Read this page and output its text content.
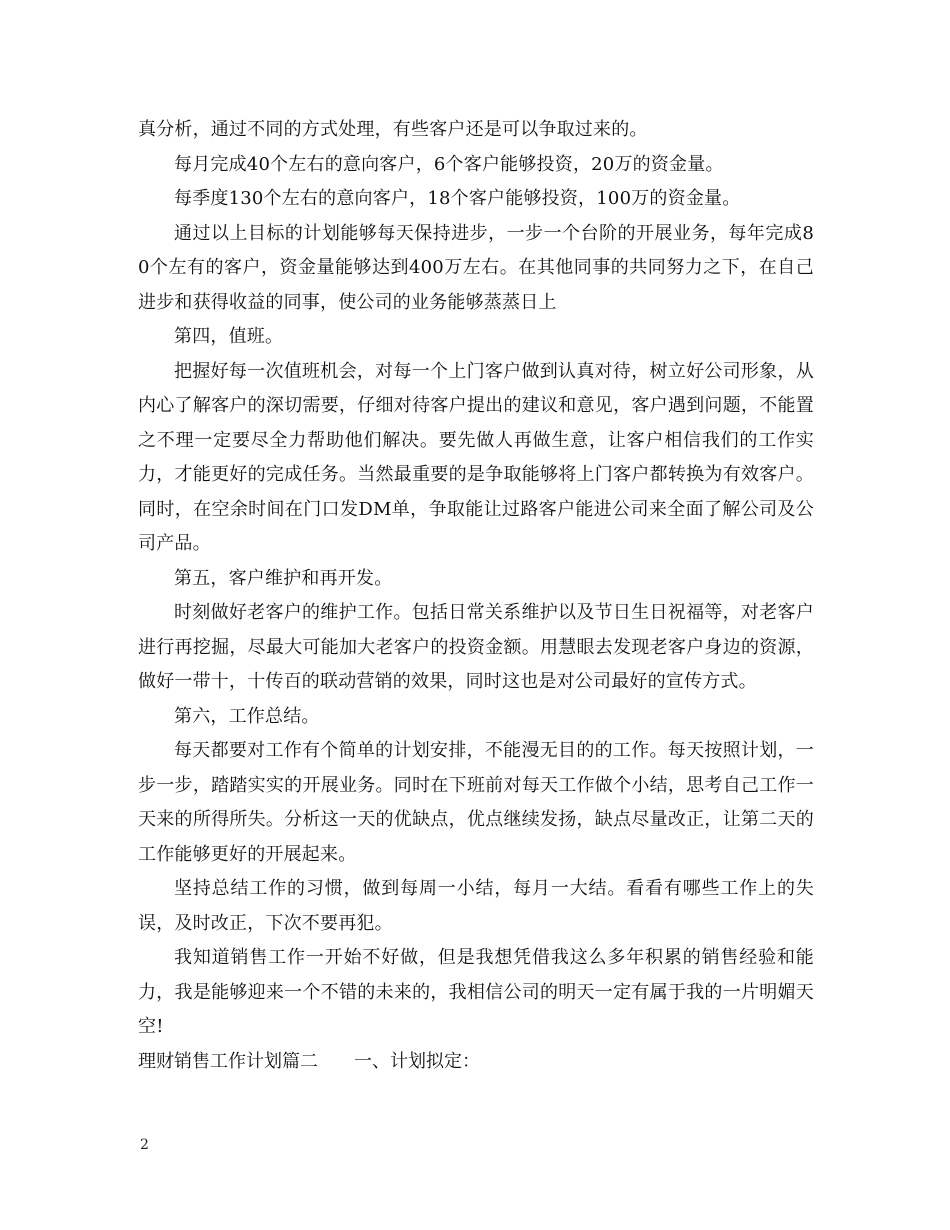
真分析，通过不同的方式处理，有些客户还是可以争取过来的。

每月完成40个左右的意向客户，6个客户能够投资，20万的资金量。

每季度130个左右的意向客户，18个客户能够投资，100万的资金量。

通过以上目标的计划能够每天保持进步，一步一个台阶的开展业务，每年完成80个左有的客户，资金量能够达到400万左右。在其他同事的共同努力之下，在自己进步和获得收益的同事，使公司的业务能够蒸蒸日上

第四，值班。

把握好每一次值班机会，对每一个上门客户做到认真对待，树立好公司形象，从内心了解客户的深切需要，仔细对待客户提出的建议和意见，客户遇到问题，不能置之不理一定要尽全力帮助他们解决。要先做人再做生意，让客户相信我们的工作实力，才能更好的完成任务。当然最重要的是争取能够将上门客户都转换为有效客户。同时，在空余时间在门口发DM单，争取能让过路客户能进公司来全面了解公司及公司产品。

第五，客户维护和再开发。

时刻做好老客户的维护工作。包括日常关系维护以及节日生日祝福等，对老客户进行再挖掘，尽最大可能加大老客户的投资金额。用慧眼去发现老客户身边的资源，做好一带十，十传百的联动营销的效果，同时这也是对公司最好的宣传方式。

第六，工作总结。

每天都要对工作有个简单的计划安排，不能漫无目的的工作。每天按照计划，一步一步，踏踏实实的开展业务。同时在下班前对每天工作做个小结，思考自己工作一天来的所得所失。分析这一天的优缺点，优点继续发扬，缺点尽量改正，让第二天的工作能够更好的开展起来。

坚持总结工作的习惯，做到每周一小结，每月一大结。看看有哪些工作上的失误，及时改正，下次不要再犯。

我知道销售工作一开始不好做，但是我想凭借我这么多年积累的销售经验和能力，我是能够迎来一个不错的未来的，我相信公司的明天一定有属于我的一片明媚天空!

理财销售工作计划篇二 一、计划拟定：

2
